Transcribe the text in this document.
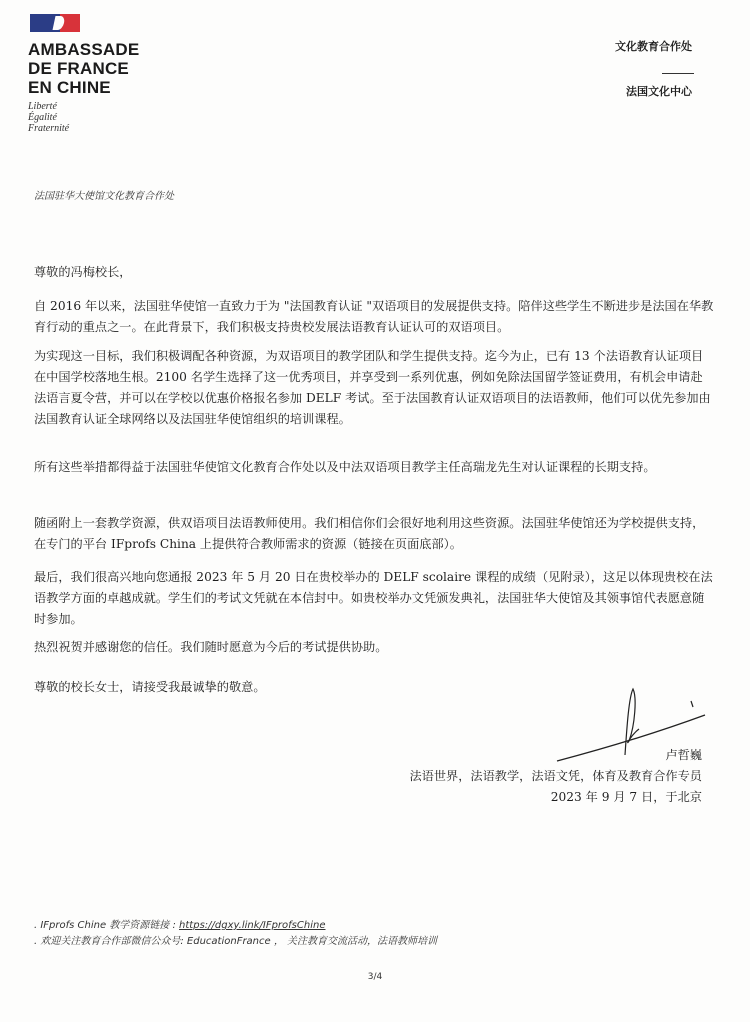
AMBASSADE
DE FRANCE
EN CHINE
Liberté
Égalité
Fraternité
文化教育合作处
法国文化中心
法国驻华大使馆文化教育合作处
尊敬的冯梅校长，

自 2016 年以来，法国驻华使馆一直致力于为 "法国教育认证 "双语项目的发展提供支持。陪伴这些学生不断进步是法国在华教育行动的重点之一。在此背景下，我们积极支持贵校发展法语教育认证认可的双语项目。

为实现这一目标，我们积极调配各种资源，为双语项目的教学团队和学生提供支持。迄今为止，已有 13 个法语教育认证项目在中国学校落地生根。2100 名学生选择了这一优秀项目，并享受到一系列优惠，例如免除法国留学签证费用，有机会申请赴法语言夏令营，并可以在学校以优惠价格报名参加 DELF 考试。至于法国教育认证双语项目的法语教师，他们可以优先参加由法国教育认证全球网络以及法国驻华使馆组织的培训课程。

所有这些举措都得益于法国驻华使馆文化教育合作处以及中法双语项目教学主任高瑞龙先生对认证课程的长期支持。

随函附上一套教学资源，供双语项目法语教师使用。我们相信你们会很好地利用这些资源。法国驻华使馆还为学校提供支持，在专门的平台 IFprofs China 上提供符合教师需求的资源（链接在页面底部）。

最后，我们很高兴地向您通报 2023 年 5 月 20 日在贵校举办的 DELF scolaire 课程的成绩（见附录），这足以体现贵校在法语教学方面的卓越成就。学生们的考试文凭就在本信封中。如贵校举办文凭颁发典礼，法国驻华大使馆及其领事馆代表愿意随时参加。

热烈祝贺并感谢您的信任。我们随时愿意为今后的考试提供协助。

尊敬的校长女士，请接受我最诚挚的敬意。

卢哲巍
法语世界，法语教学，法语文凭，体育及教育合作专员
2023 年 9 月 7 日，于北京
. IFprofs Chine 教学资源链接 : https://dgxy.link/IFprofsChine
. 欢迎关注教育合作部微信公众号: EducationFrance ， 关注教育交流活动，法语教师培训
3/4
